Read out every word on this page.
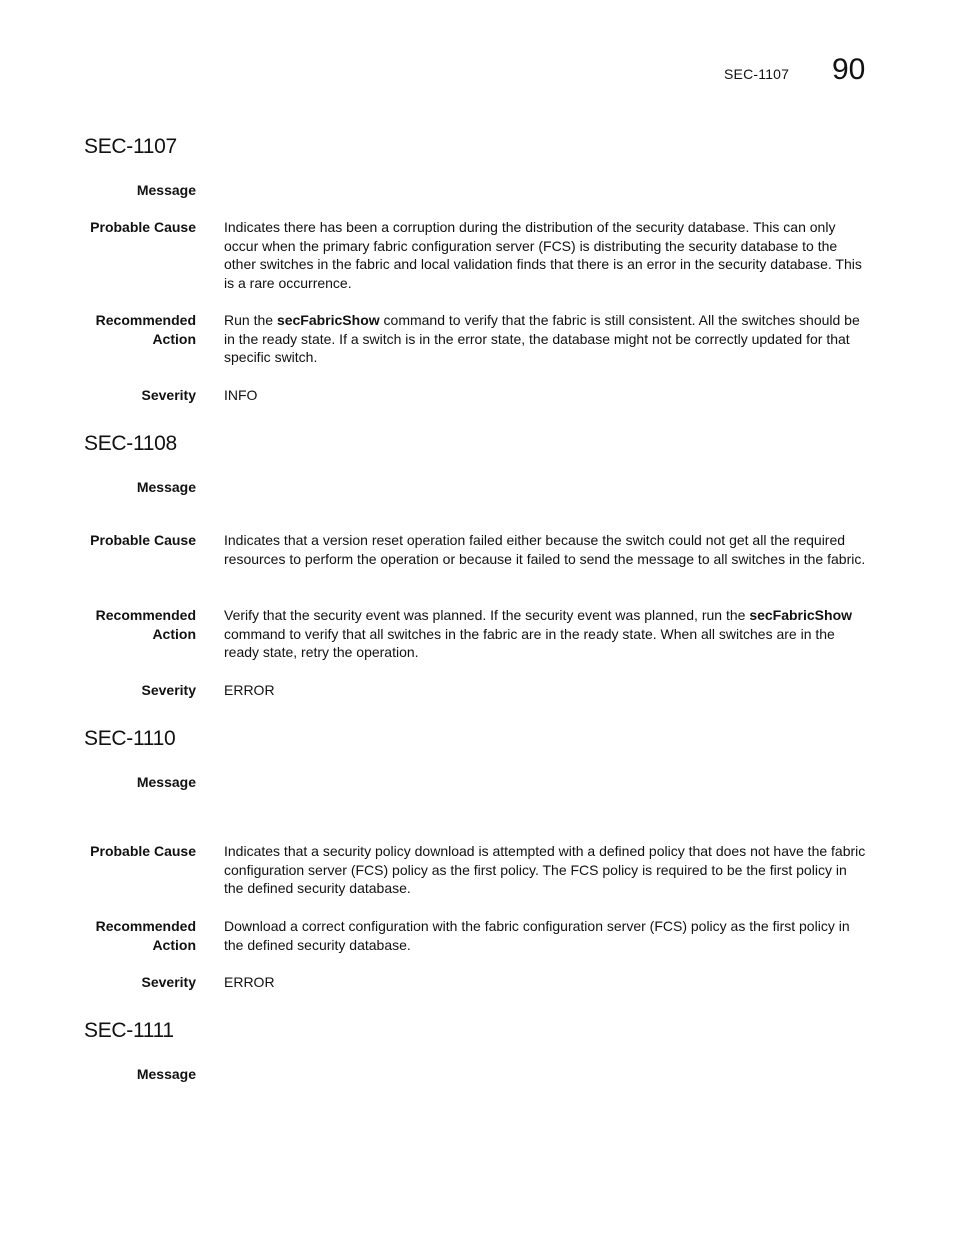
SEC-1107 90
SEC-1107
Message
Probable Cause Indicates there has been a corruption during the distribution of the security database. This can only occur when the primary fabric configuration server (FCS) is distributing the security database to the other switches in the fabric and local validation finds that there is an error in the security database. This is a rare occurrence.
Recommended
Action
Run the secFabricShow command to verify that the fabric is still consistent. All the switches should be in the ready state. If a switch is in the error state, the database might not be correctly updated for that specific switch.
Severity INFO
SEC-1108
Message
Probable Cause Indicates that a version reset operation failed either because the switch could not get all the required resources to perform the operation or because it failed to send the message to all switches in the fabric.
Recommended
Action
Verify that the security event was planned. If the security event was planned, run the secFabricShow command to verify that all switches in the fabric are in the ready state. When all switches are in the ready state, retry the operation.
Severity ERROR
SEC-1110
Message
Probable Cause Indicates that a security policy download is attempted with a defined policy that does not have the fabric configuration server (FCS) policy as the first policy. The FCS policy is required to be the first policy in the defined security database.
Recommended
Action
Download a correct configuration with the fabric configuration server (FCS) policy as the first policy in the defined security database.
Severity ERROR
SEC-1111
Message
